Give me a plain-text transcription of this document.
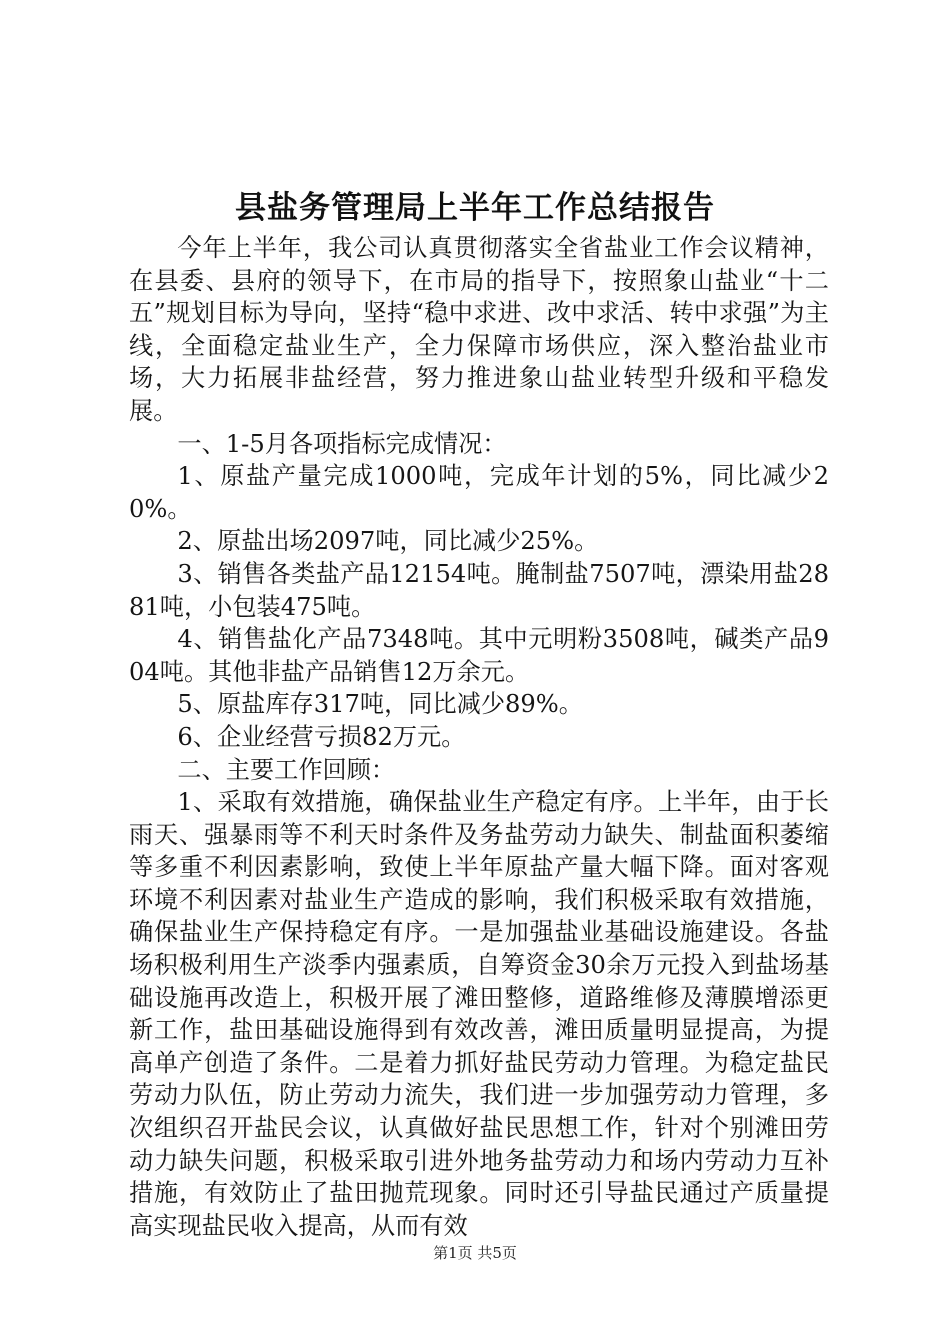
县盐务管理局上半年工作总结报告

今年上半年，我公司认真贯彻落实全省盐业工作会议精神，在县委、县府的领导下，在市局的指导下，按照象山盐业“十二五”规划目标为导向，坚持“稳中求进、改中求活、转中求强”为主线，全面稳定盐业生产，全力保障市场供应，深入整治盐业市场，大力拓展非盐经营，努力推进象山盐业转型升级和平稳发展。

一、1-5月各项指标完成情况：

1、原盐产量完成1000吨，完成年计划的5%，同比减少20%。

2、原盐出场2097吨，同比减少25%。

3、销售各类盐产品12154吨。腌制盐7507吨，漂染用盐2881吨，小包装475吨。

4、销售盐化产品7348吨。其中元明粉3508吨，碱类产品904吨。其他非盐产品销售12万余元。

5、原盐库存317吨，同比减少89%。

6、企业经营亏损82万元。

二、主要工作回顾：

1、采取有效措施，确保盐业生产稳定有序。上半年，由于长雨天、强暴雨等不利天时条件及务盐劳动力缺失、制盐面积萎缩等多重不利因素影响，致使上半年原盐产量大幅下降。面对客观环境不利因素对盐业生产造成的影响，我们积极采取有效措施，确保盐业生产保持稳定有序。一是加强盐业基础设施建设。各盐场积极利用生产淡季内强素质，自筹资金30余万元投入到盐场基础设施再改造上，积极开展了滩田整修，道路维修及薄膜增添更新工作，盐田基础设施得到有效改善，滩田质量明显提高，为提高单产创造了条件。二是着力抓好盐民劳动力管理。为稳定盐民劳动力队伍，防止劳动力流失，我们进一步加强劳动力管理，多次组织召开盐民会议，认真做好盐民思想工作，针对个别滩田劳动力缺失问题，积极采取引进外地务盐劳动力和场内劳动力互补措施，有效防止了盐田抛荒现象。同时还引导盐民通过产质量提高实现盐民收入提高，从而有效

第1页 共5页
